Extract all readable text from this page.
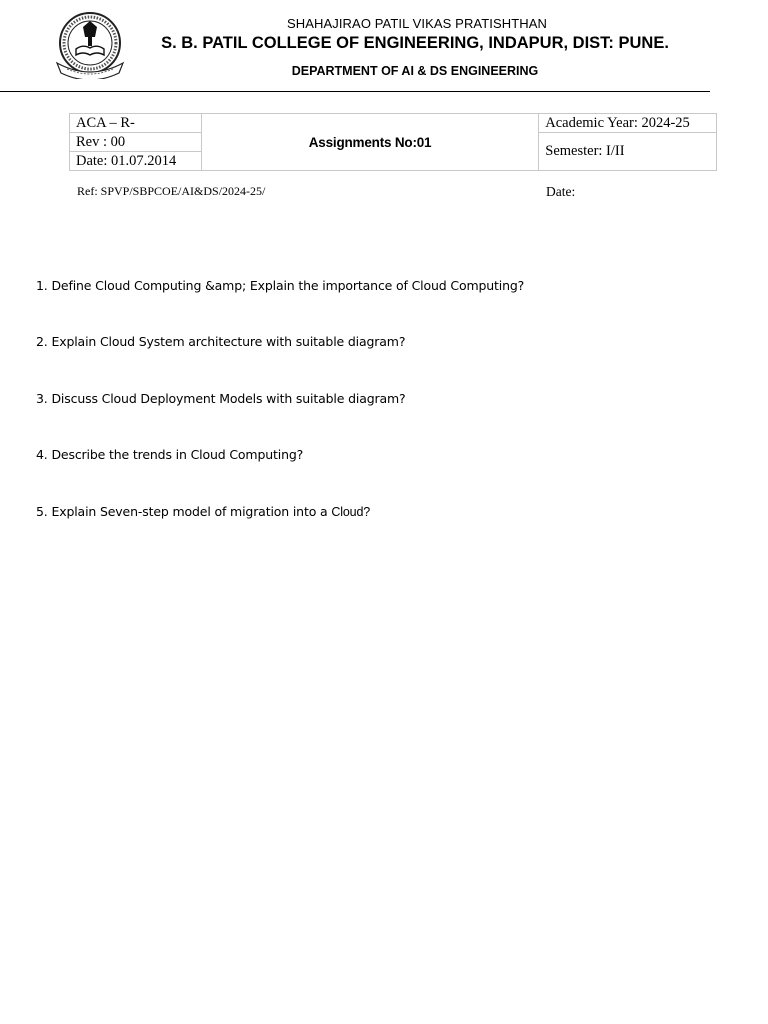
SHAHAJIRAO PATIL VIKAS PRATISHTHAN
S. B. PATIL COLLEGE OF ENGINEERING, INDAPUR, DIST: PUNE.
DEPARTMENT OF AI & DS ENGINEERING
ACA – R-	Assignments No:01	Academic Year: 2024-25
Rev : 00		Semester: I/II
Date: 01.07.2014		
Ref: SPVP/SBPCOE/AI&DS/2024-25/	Date:
1. Define Cloud Computing &amp; Explain the importance of Cloud Computing?
2. Explain Cloud System architecture with suitable diagram?
3. Discuss Cloud Deployment Models with suitable diagram?
4. Describe the trends in Cloud Computing?
5. Explain Seven-step model of migration into a Cloud?
